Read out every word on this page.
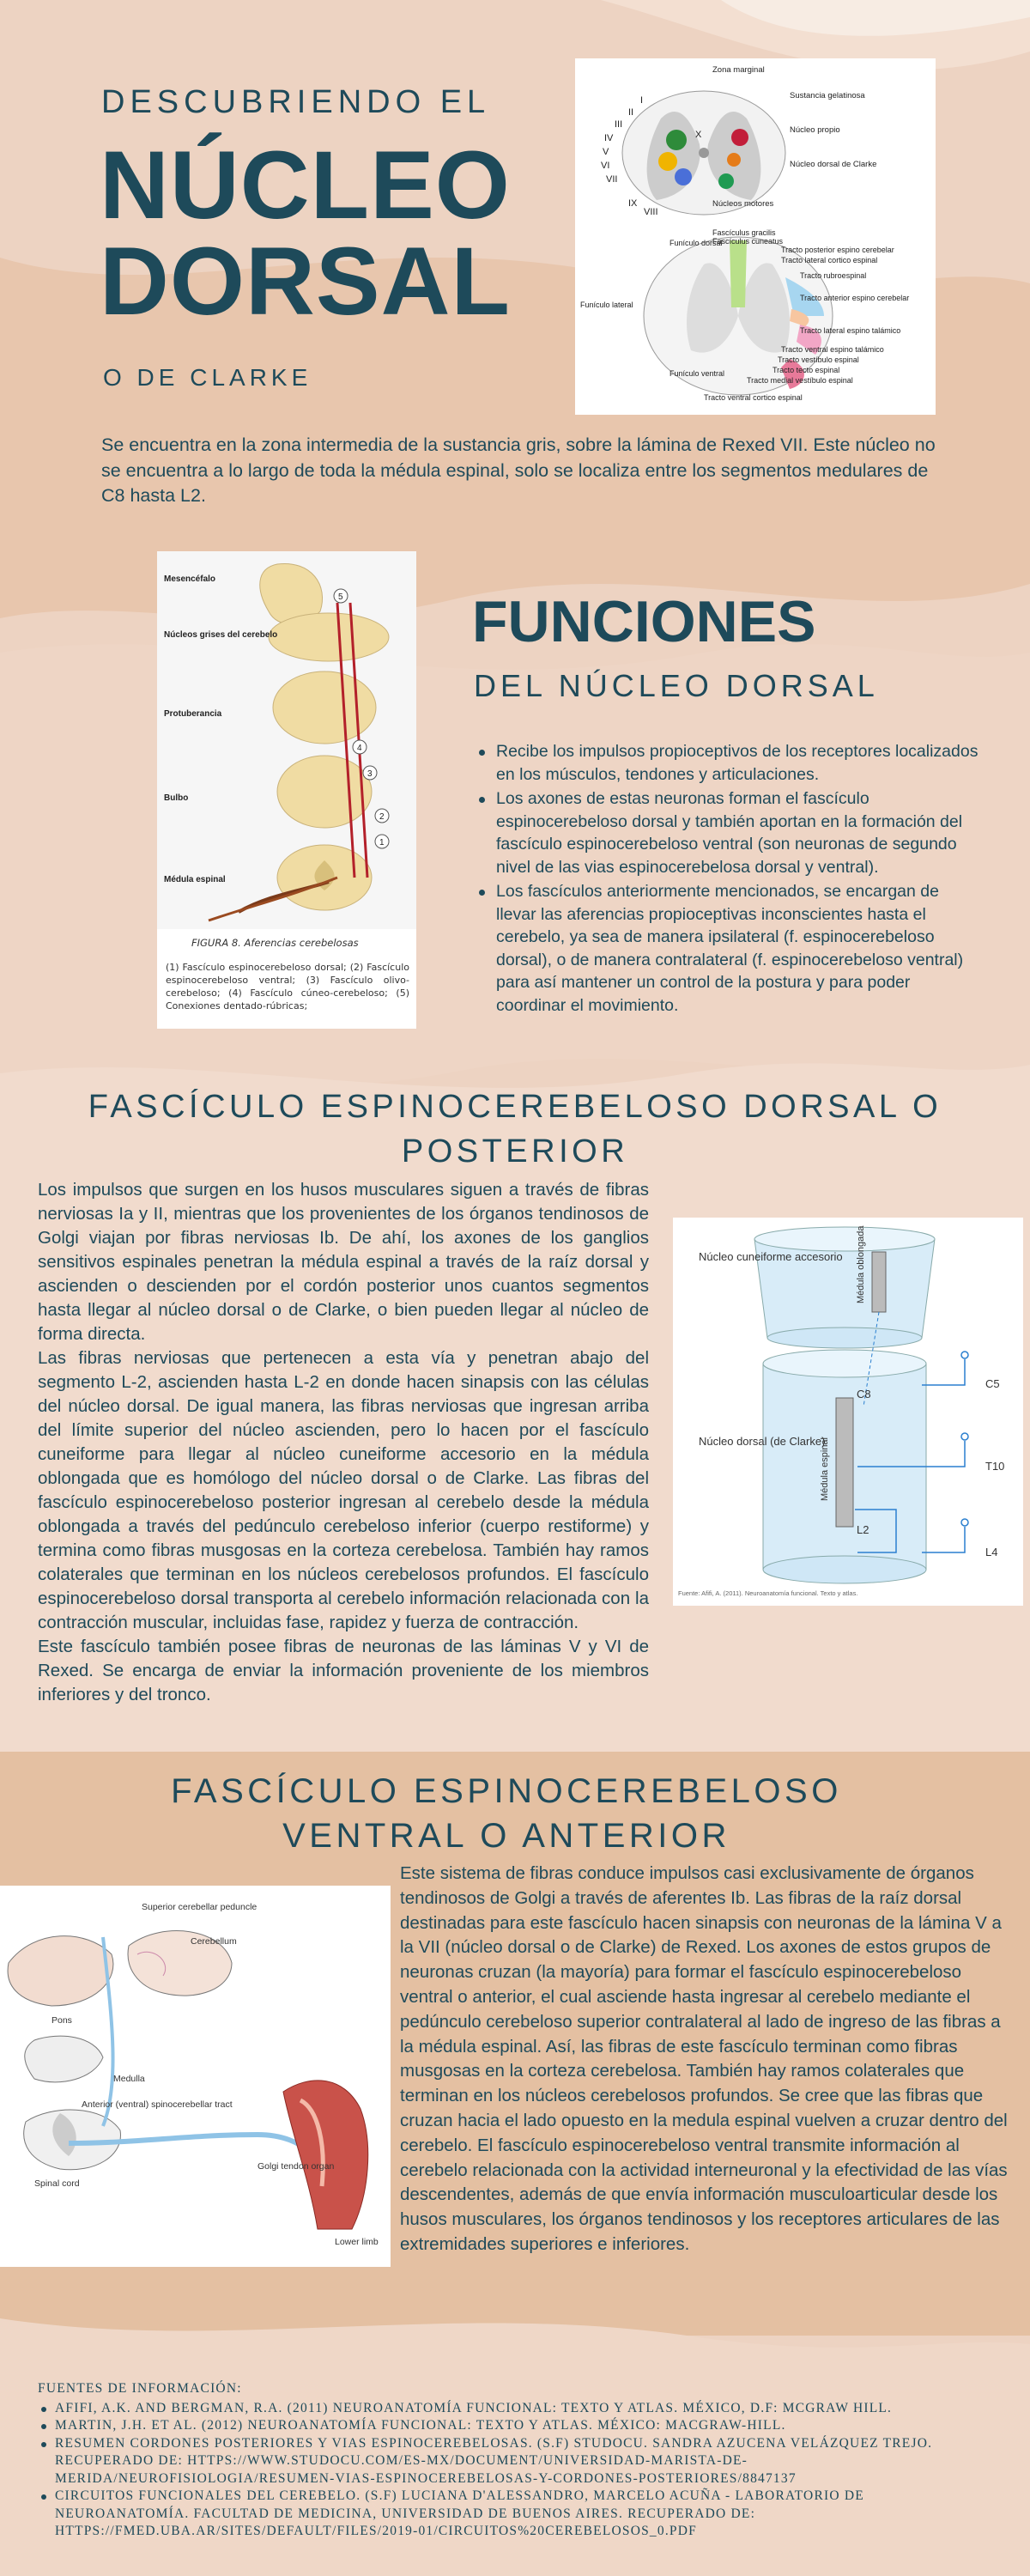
DESCUBRIENDO EL
NÚCLEO
DORSAL
O DE CLARKE
I
II
III
IV
V
VI
VII
VIII
IX
X
Zona marginal
Sustancia gelatinosa
Núcleo propio
Núcleo dorsal de Clarke
Núcleos motores
Fascículus gracilis
Fascículus cuneatus
Funículo dorsal
Tracto posterior espino cerebelar
Tracto lateral cortico espinal
Tracto rubroespinal
Funículo lateral
Tracto anterior espino cerebelar
Tracto lateral espino talámico
Tracto ventral espino talámico
Tracto vestíbulo espinal
Funículo ventral	Tracto tecto espinal
Tracto medial vestíbulo espinal
Tracto ventral cortico espinal

Se encuentra en la zona intermedia de la sustancia gris, sobre la lámina de Rexed VII. Este núcleo no se encuentra a lo largo de toda la médula espinal, solo se localiza entre los segmentos medulares de C8 hasta L2.

Mesencéfalo
Núcleos grises del cerebelo
Protuberancia
Bulbo
Médula espinal
1
2
3
4
5
FIGURA 8. Aferencias cerebelosas
(1) Fascículo espinocerebeloso dorsal; (2) Fascículo espinocerebeloso ventral; (3) Fascículo olivo-cerebeloso; (4) Fascículo cúneo-cerebeloso; (5) Conexiones dentado-rúbricas;
FUNCIONES
DEL NÚCLEO DORSAL
Recibe los impulsos propioceptivos de los receptores localizados en los músculos, tendones y articulaciones.
Los axones de estas neuronas forman el fascículo espinocerebeloso dorsal y también aportan en la formación del fascículo espinocerebeloso ventral (son neuronas de segundo nivel de las vias espinocerebelosa dorsal y ventral).
Los fascículos anteriormente mencionados, se encargan de llevar las aferencias propioceptivas inconscientes hasta el cerebelo, ya sea de manera ipsilateral (f. espinocerebeloso dorsal), o de manera contralateral (f. espinocerebeloso ventral) para así mantener un control de la postura y para poder coordinar el movimiento.
FASCÍCULO ESPINOCEREBELOSO DORSAL O
POSTERIOR

Los impulsos que surgen en los husos musculares siguen a través de fibras nerviosas Ia y II, mientras que los provenientes de los órganos tendinosos de Golgi viajan por fibras nerviosas Ib. De ahí, los axones de los ganglios sensitivos espinales penetran la médula espinal a través de la raíz dorsal y ascienden o descienden por el cordón posterior unos cuantos segmentos hasta llegar al núcleo dorsal o de Clarke, o bien pueden llegar al núcleo de forma directa.

Las fibras nerviosas que pertenecen a esta vía y penetran abajo del segmento L-2, ascienden hasta L-2 en donde hacen sinapsis con las células del núcleo dorsal. De igual manera, las fibras nerviosas que ingresan arriba del límite superior del núcleo ascienden, pero lo hacen por el fascículo cuneiforme para llegar al núcleo cuneiforme accesorio en la médula oblongada que es homólogo del núcleo dorsal o de Clarke. Las fibras del fascículo espinocerebeloso posterior ingresan al cerebelo desde la médula oblongada a través del pedúnculo cerebeloso inferior (cuerpo restiforme) y termina como fibras musgosas en la corteza cerebelosa. También hay ramos colaterales que terminan en los núcleos cerebelosos profundos. El fascículo espinocerebeloso dorsal transporta al cerebelo información relacionada con la contracción muscular, incluidas fase, rapidez y fuerza de contracción.

Este fascículo también posee fibras de neuronas de las láminas V y VI de Rexed. Se encarga de enviar la información proveniente de los miembros inferiores y del tronco.

Núcleo cuneiforme accesorio
Núcleo dorsal (de Clarke)
C5
T10
L4
C8
L2
Médula oblongada
Médula espinal
Fuente: Afifi, A. (2011). Neuroanatomía funcional. Texto y atlas.
FASCÍCULO ESPINOCEREBELOSO
VENTRAL O ANTERIOR
Superior cerebellar peduncle
Cerebellum
Pons
Medulla
Anterior (ventral) spinocerebellar tract
Golgi tendon organ
Lower limb
Spinal cord

Este sistema de fibras conduce impulsos casi exclusivamente de órganos tendinosos de Golgi a través de aferentes Ib. Las fibras de la raíz dorsal destinadas para este fascículo hacen sinapsis con neuronas de la lámina V a la VII (núcleo dorsal o de Clarke) de Rexed. Los axones de estos grupos de neuronas cruzan (la mayoría) para formar el fascículo espinocerebeloso ventral o anterior, el cual asciende hasta ingresar al cerebelo mediante el pedúnculo cerebeloso superior contralateral al lado de ingreso de las fibras a la médula espinal. Así, las fibras de este fascículo terminan como fibras musgosas en la corteza cerebelosa. También hay ramos colaterales que terminan en los núcleos cerebelosos profundos. Se cree que las fibras que cruzan hacia el lado opuesto en la medula espinal vuelven a cruzar dentro del cerebelo. El fascículo espinocerebeloso ventral transmite información al cerebelo relacionada con la actividad interneuronal y la efectividad de las vías descendentes, además de que envía información musculoarticular desde los husos musculares, los órganos tendinosos y los receptores articulares de las extremidades superiores e inferiores.

FUENTES DE INFORMACIÓN:
AFIFI, A.K. AND BERGMAN, R.A. (2011) NEUROANATOMÍA FUNCIONAL: TEXTO Y ATLAS. MÉXICO, D.F: MCGRAW HILL.
MARTIN, J.H. ET AL. (2012) NEUROANATOMÍA FUNCIONAL: TEXTO Y ATLAS. MÉXICO: MACGRAW-HILL.
RESUMEN CORDONES POSTERIORES Y VIAS ESPINOCEREBELOSAS. (S.F) STUDOCU. SANDRA AZUCENA VELÁZQUEZ TREJO. RECUPERADO DE: HTTPS://WWW.STUDOCU.COM/ES-MX/DOCUMENT/UNIVERSIDAD-MARISTA-DE-MERIDA/NEUROFISIOLOGIA/RESUMEN-VIAS-ESPINOCEREBELOSAS-Y-CORDONES-POSTERIORES/8847137
CIRCUITOS FUNCIONALES DEL CEREBELO. (S.F) LUCIANA D'ALESSANDRO, MARCELO ACUÑA - LABORATORIO DE NEUROANATOMÍA. FACULTAD DE MEDICINA, UNIVERSIDAD DE BUENOS AIRES. RECUPERADO DE: HTTPS://FMED.UBA.AR/SITES/DEFAULT/FILES/2019-01/CIRCUITOS%20CEREBELOSOS_0.PDF
